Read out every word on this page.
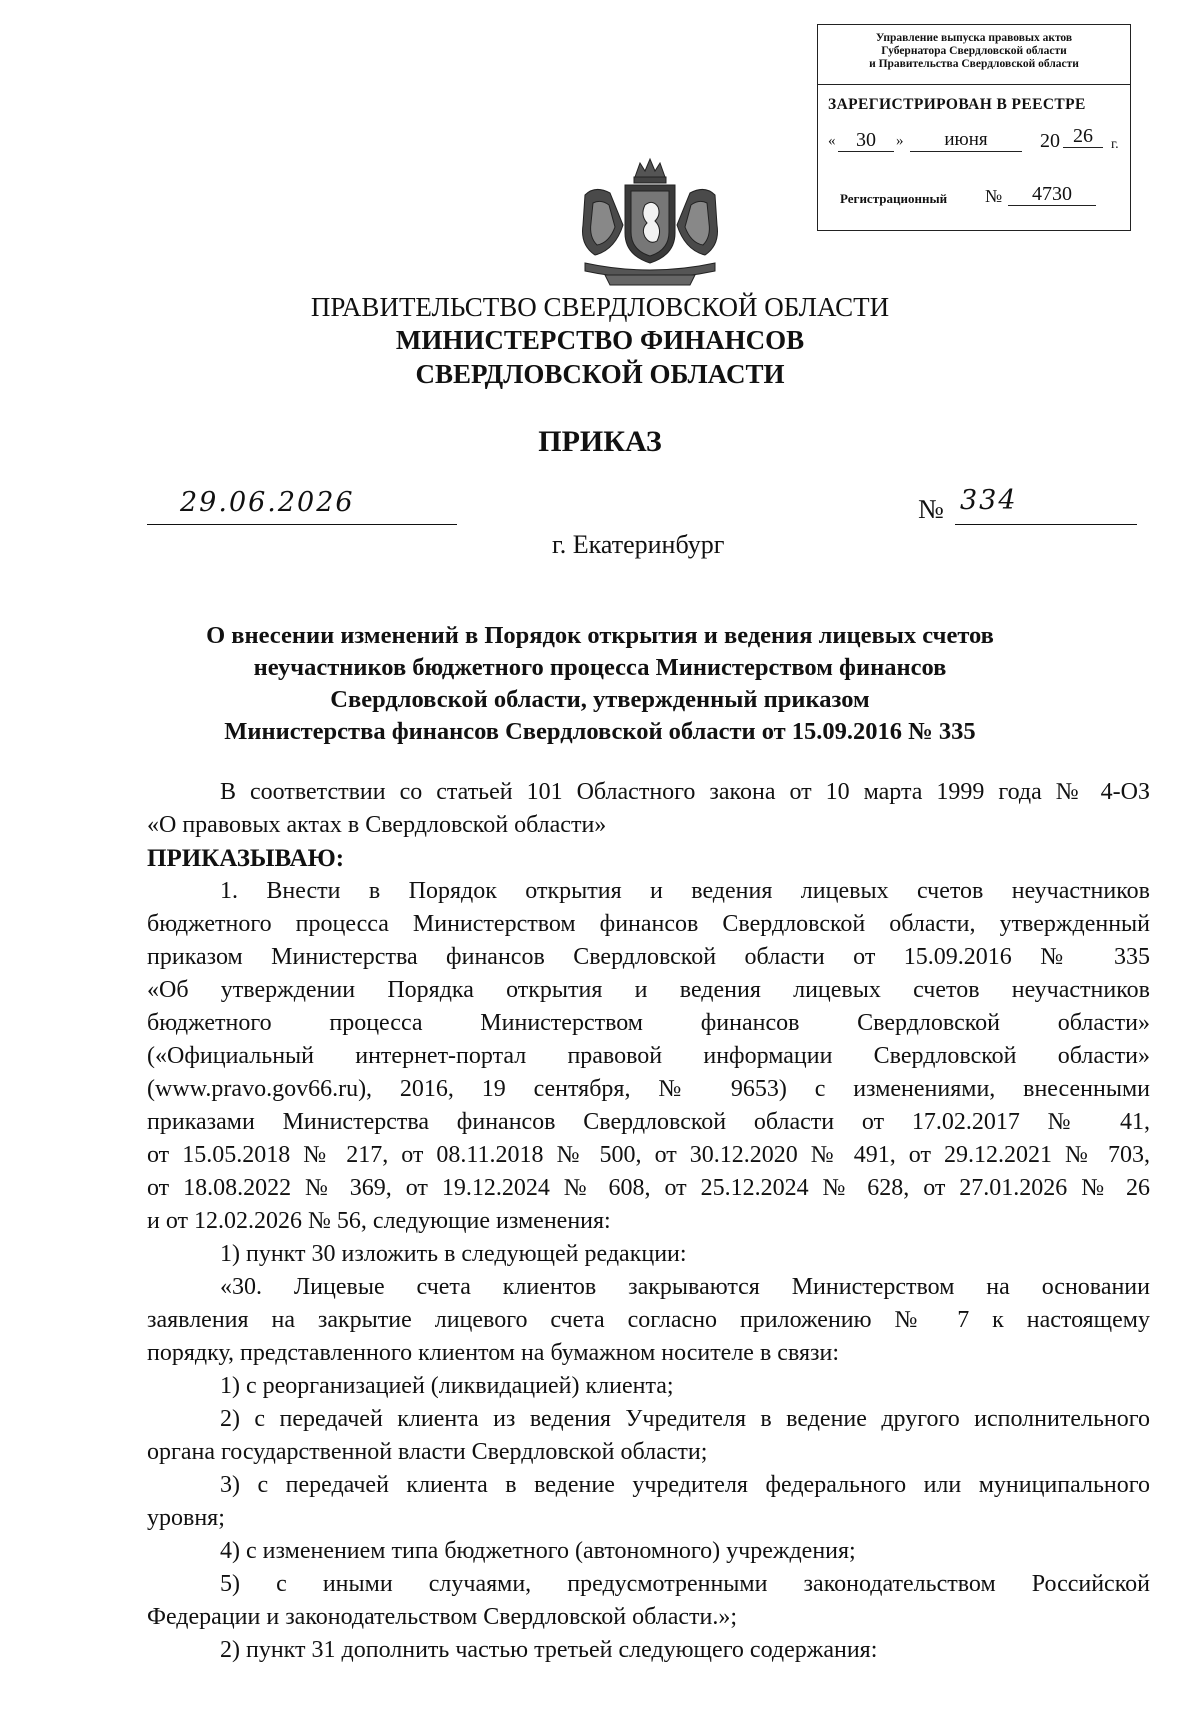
Управление выпуска правовых актов
Губернатора Свердловской области
и Правительства Свердловской области
ЗАРЕГИСТРИРОВАН В РЕЕСТРЕ
«	30	»	июня	20 26	г.
Регистрационный №	4730
ПРАВИТЕЛЬСТВО СВЕРДЛОВСКОЙ ОБЛАСТИ
МИНИСТЕРСТВО ФИНАНСОВ
СВЕРДЛОВСКОЙ ОБЛАСТИ
ПРИКАЗ
29.06.2026	№ 334
г. Екатеринбург
О внесении изменений в Порядок открытия и ведения лицевых счетов
неучастников бюджетного процесса Министерством финансов
Свердловской области, утвержденный приказом
Министерства финансов Свердловской области от 15.09.2016 № 335

В соответствии со статьей 101 Областного закона от 10 марта 1999 года № 4-ОЗ

«О правовых актах в Свердловской области»

ПРИКАЗЫВАЮ:

1. Внести в Порядок открытия и ведения лицевых счетов неучастников

бюджетного процесса Министерством финансов Свердловской области, утвержденный

приказом Министерства финансов Свердловской области от 15.09.2016 № 335

«Об утверждении Порядка открытия и ведения лицевых счетов неучастников

бюджетного процесса Министерством финансов Свердловской области»

(«Официальный интернет-портал правовой информации Свердловской области»

(www.pravo.gov66.ru), 2016, 19 сентября, № 9653) с изменениями, внесенными

приказами Министерства финансов Свердловской области от 17.02.2017 № 41,

от 15.05.2018 № 217, от 08.11.2018 № 500, от 30.12.2020 № 491, от 29.12.2021 № 703,

от 18.08.2022 № 369, от 19.12.2024 № 608, от 25.12.2024 № 628, от 27.01.2026 № 26

и от 12.02.2026 № 56, следующие изменения:

1) пункт 30 изложить в следующей редакции:

«30. Лицевые счета клиентов закрываются Министерством на основании

заявления на закрытие лицевого счета согласно приложению № 7 к настоящему

порядку, представленного клиентом на бумажном носителе в связи:

1) с реорганизацией (ликвидацией) клиента;

2) с передачей клиента из ведения Учредителя в ведение другого исполнительного

органа государственной власти Свердловской области;

3) с передачей клиента в ведение учредителя федерального или муниципального

уровня;

4) с изменением типа бюджетного (автономного) учреждения;

5) с иными случаями, предусмотренными законодательством Российской

Федерации и законодательством Свердловской области.»;

2) пункт 31 дополнить частью третьей следующего содержания:
